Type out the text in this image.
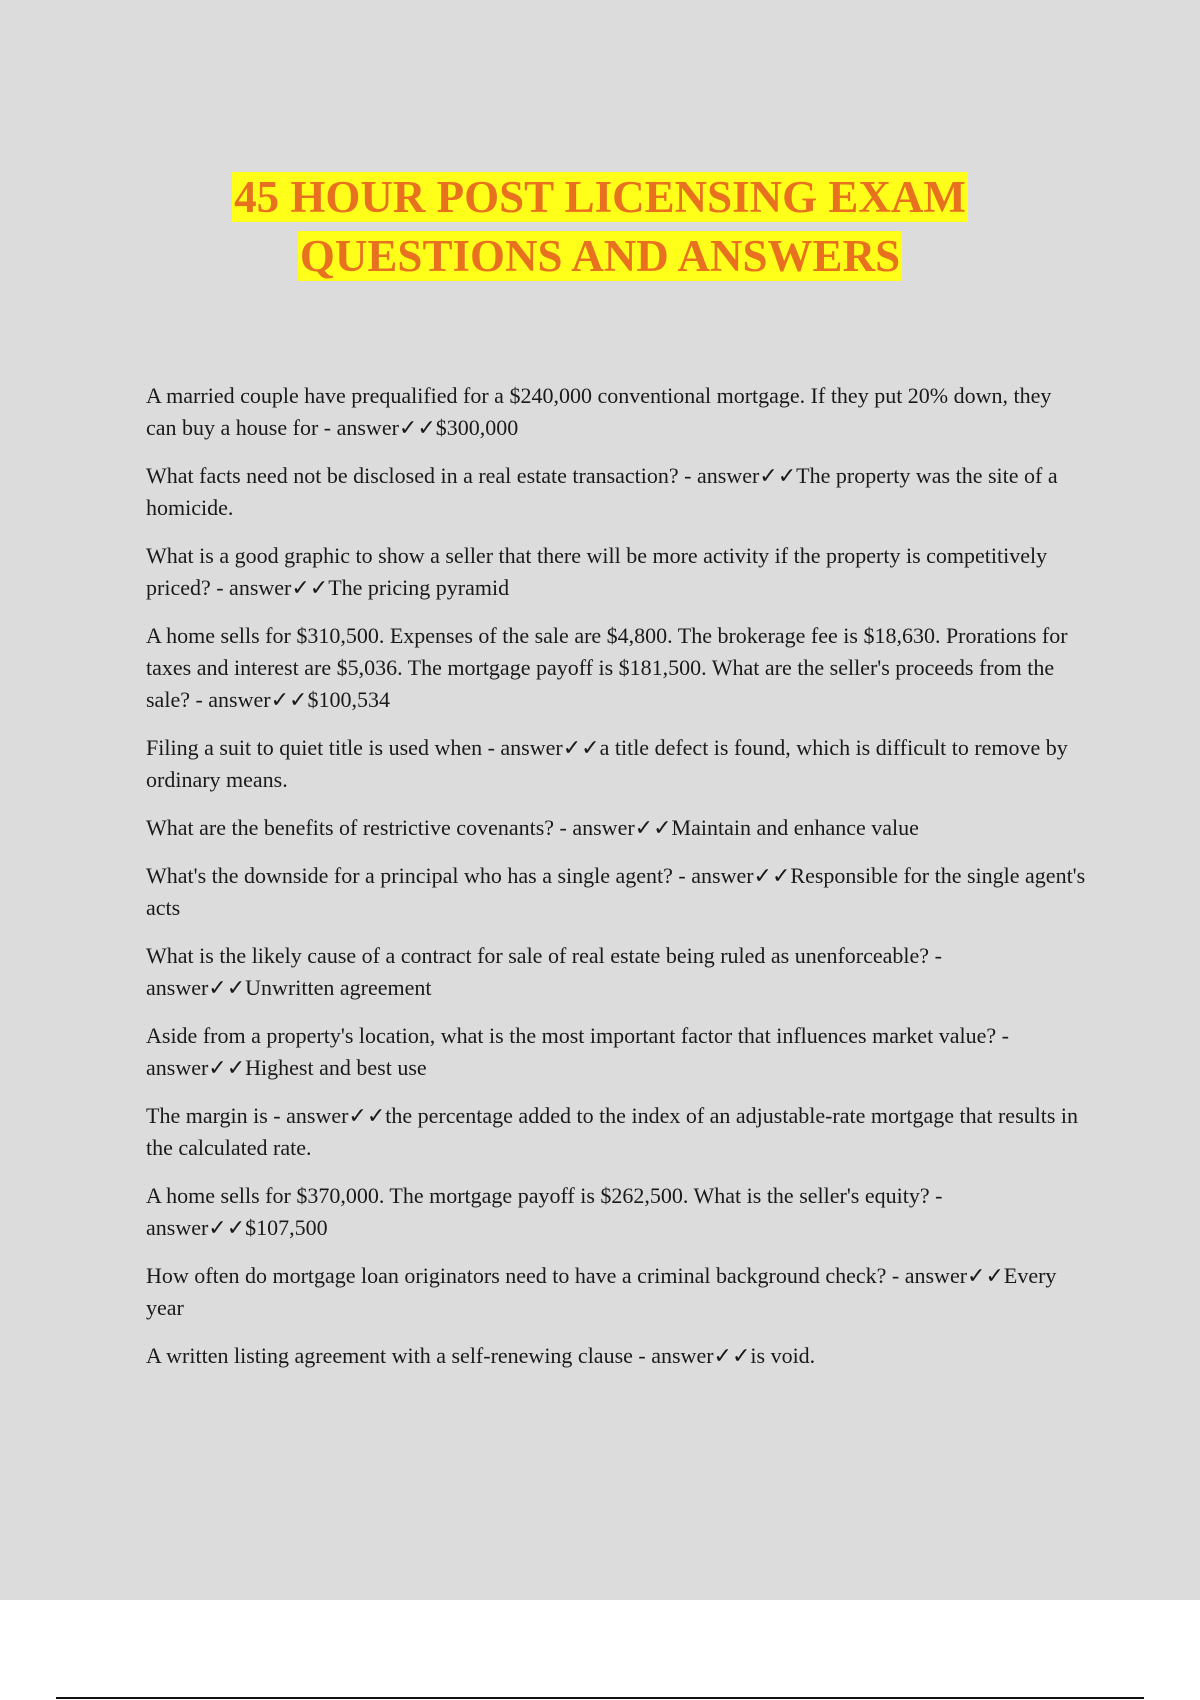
45 HOUR POST LICENSING EXAM
QUESTIONS AND ANSWERS

A married couple have prequalified for a $240,000 conventional mortgage. If they put 20% down, they can buy a house for - answer✓✓$300,000

What facts need not be disclosed in a real estate transaction? - answer✓✓The property was the site of a homicide.

What is a good graphic to show a seller that there will be more activity if the property is competitively priced? - answer✓✓The pricing pyramid

A home sells for $310,500. Expenses of the sale are $4,800. The brokerage fee is $18,630. Prorations for taxes and interest are $5,036. The mortgage payoff is $181,500. What are the seller's proceeds from the sale? - answer✓✓$100,534

Filing a suit to quiet title is used when - answer✓✓a title defect is found, which is difficult to remove by ordinary means.

What are the benefits of restrictive covenants? - answer✓✓Maintain and enhance value

What's the downside for a principal who has a single agent? - answer✓✓Responsible for the single agent's acts

What is the likely cause of a contract for sale of real estate being ruled as unenforceable? - answer✓✓Unwritten agreement

Aside from a property's location, what is the most important factor that influences market value? - answer✓✓Highest and best use

The margin is - answer✓✓the percentage added to the index of an adjustable-rate mortgage that results in the calculated rate.

A home sells for $370,000. The mortgage payoff is $262,500. What is the seller's equity? - answer✓✓$107,500

How often do mortgage loan originators need to have a criminal background check? - answer✓✓Every year

A written listing agreement with a self-renewing clause - answer✓✓is void.
